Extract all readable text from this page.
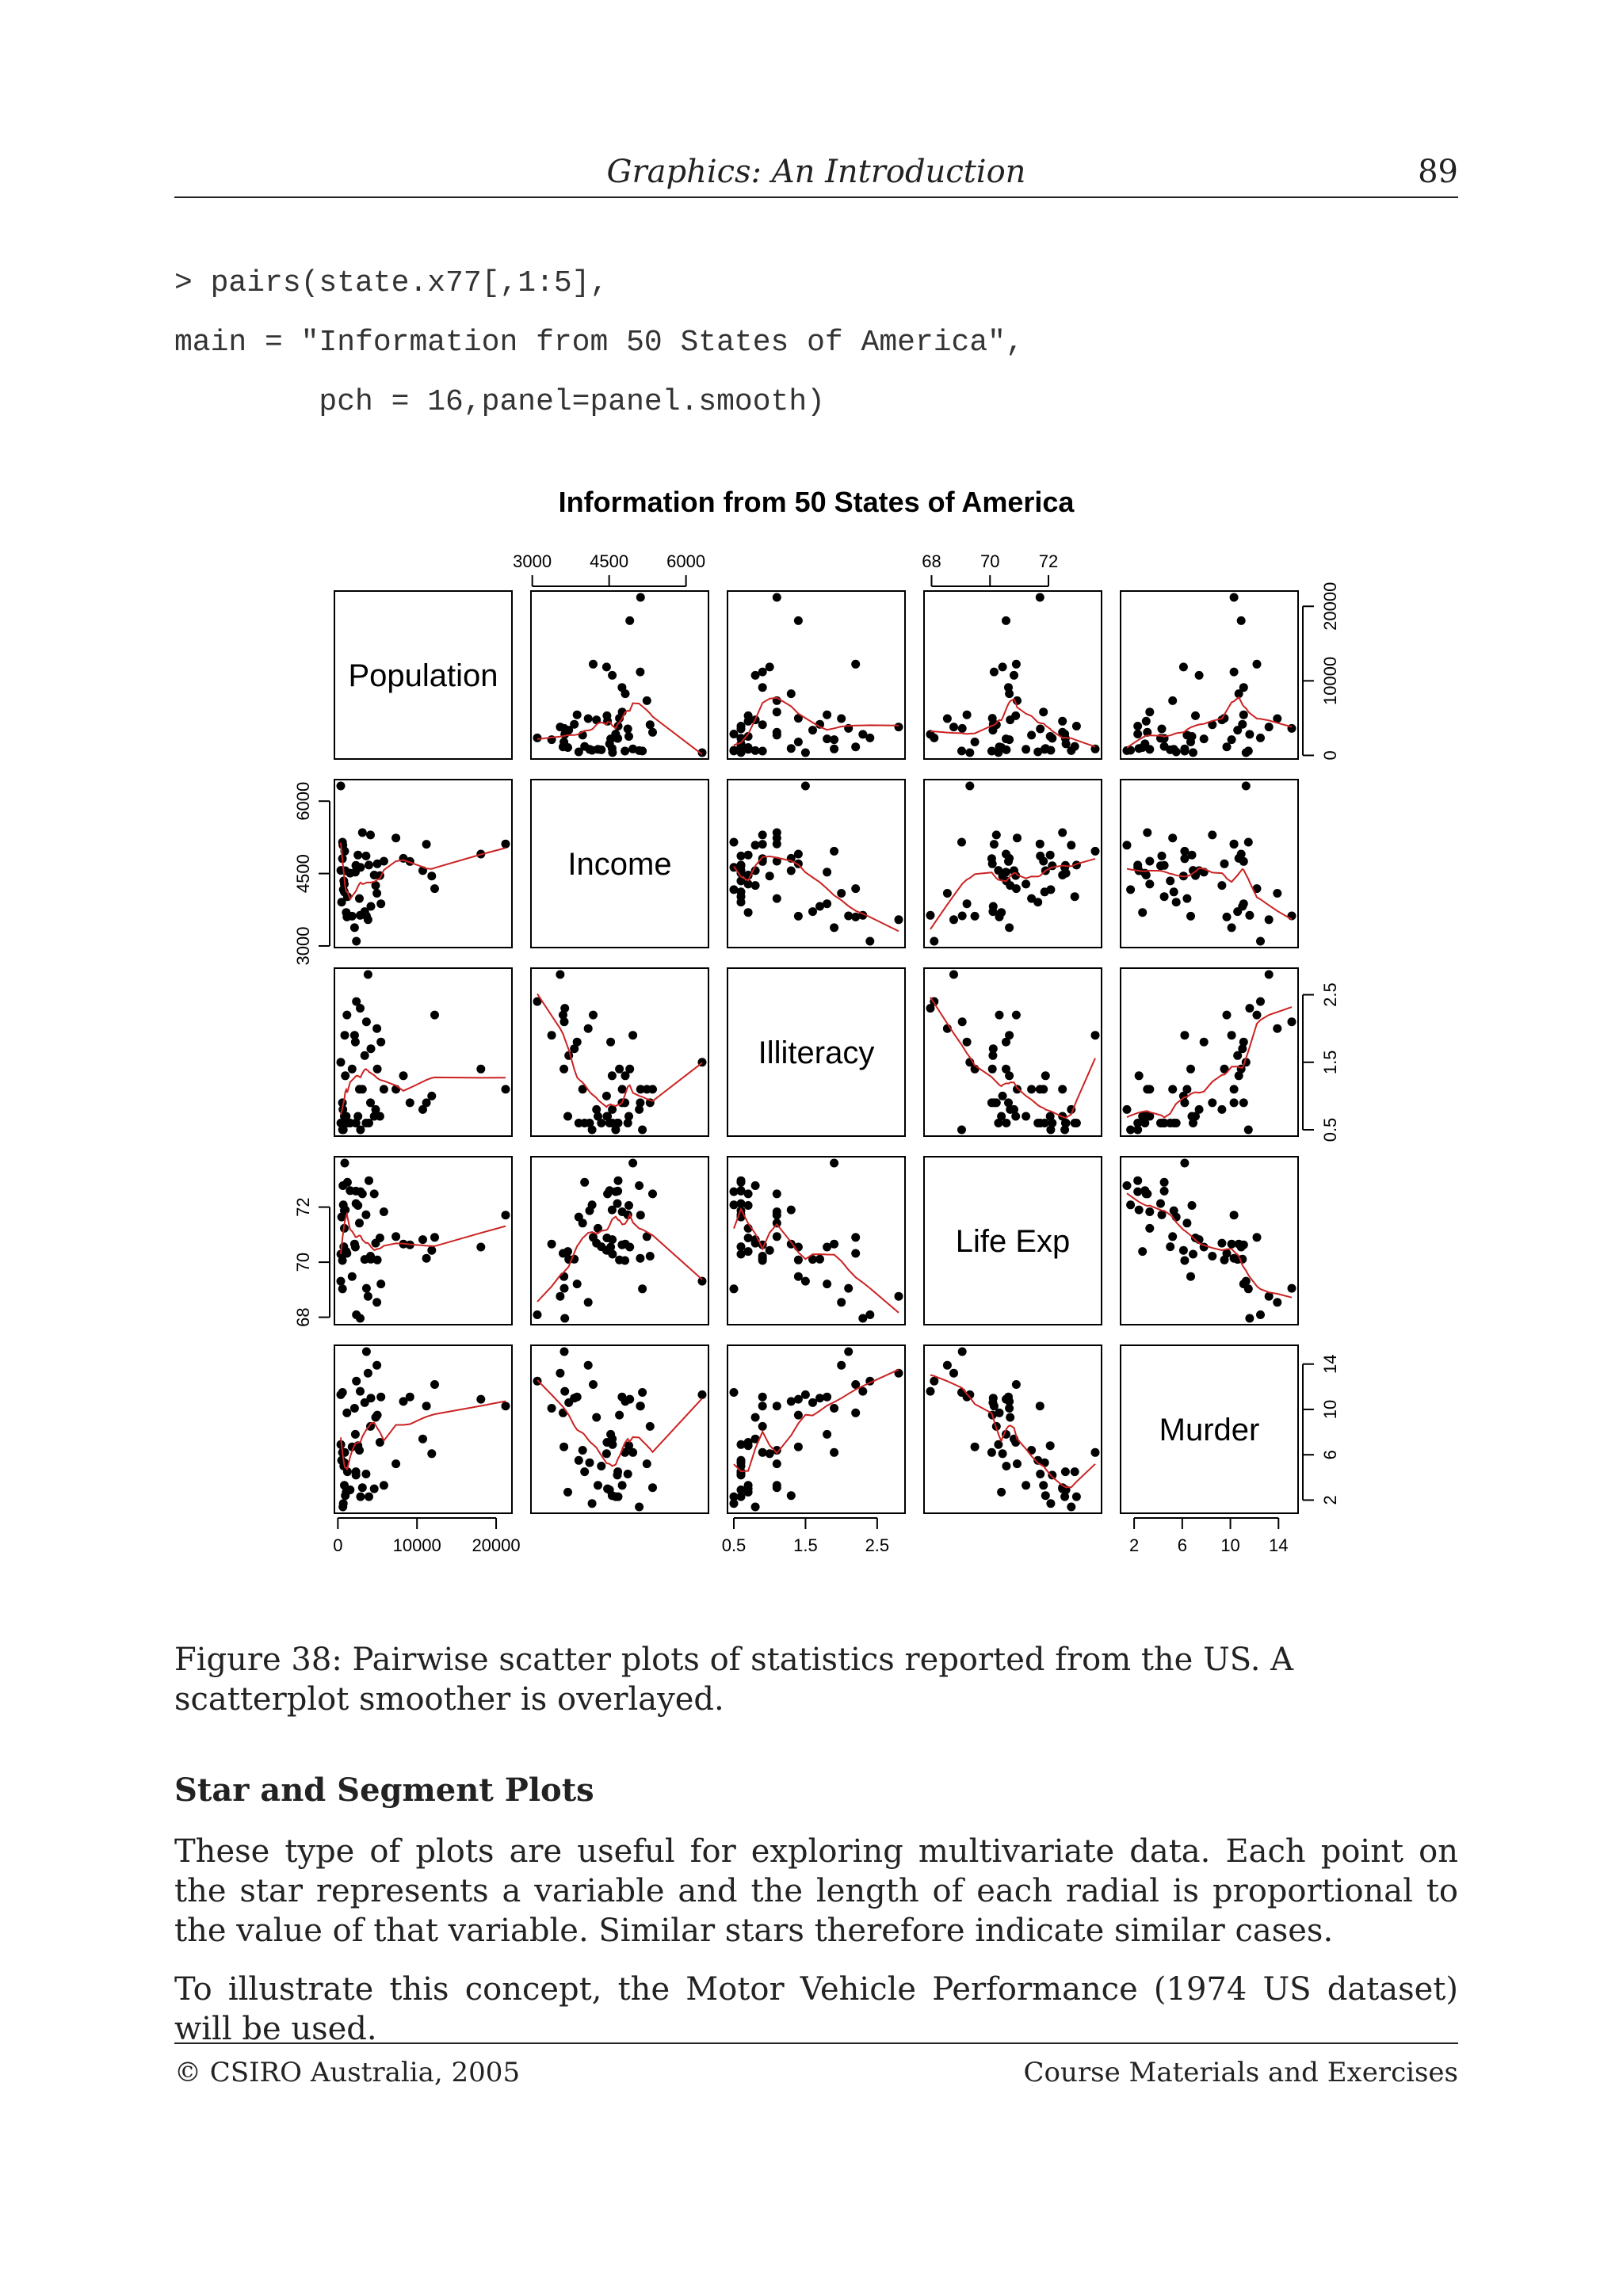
Graphics: An Introduction	89
> pairs(state.x77[,1:5],
main = "Information from 50 States of America",
pch = 16,panel=panel.smooth)
Information from 50 States of America
Population
Income
Illiteracy
Life Exp
Murder
0	10000 20000
0
10000
20000
3000 4500 6000
3000
4500
6000
0.5	1.5	2.5
0.5
1.5
2.5
68 70 72
68
70
72
2 6 10 14
2
6
10
14
Figure 38: Pairwise scatter plots of statistics reported from the US. A scatterplot smoother is overlayed.
Star and Segment Plots
These type of plots are useful for exploring multivariate data. Each point on the star represents a variable and the length of each radial is proportional to the value of that variable. Similar stars therefore indicate similar cases.
To illustrate this concept, the Motor Vehicle Performance (1974 US dataset) will be used.
© CSIRO Australia, 2005	Course Materials and Exercises
